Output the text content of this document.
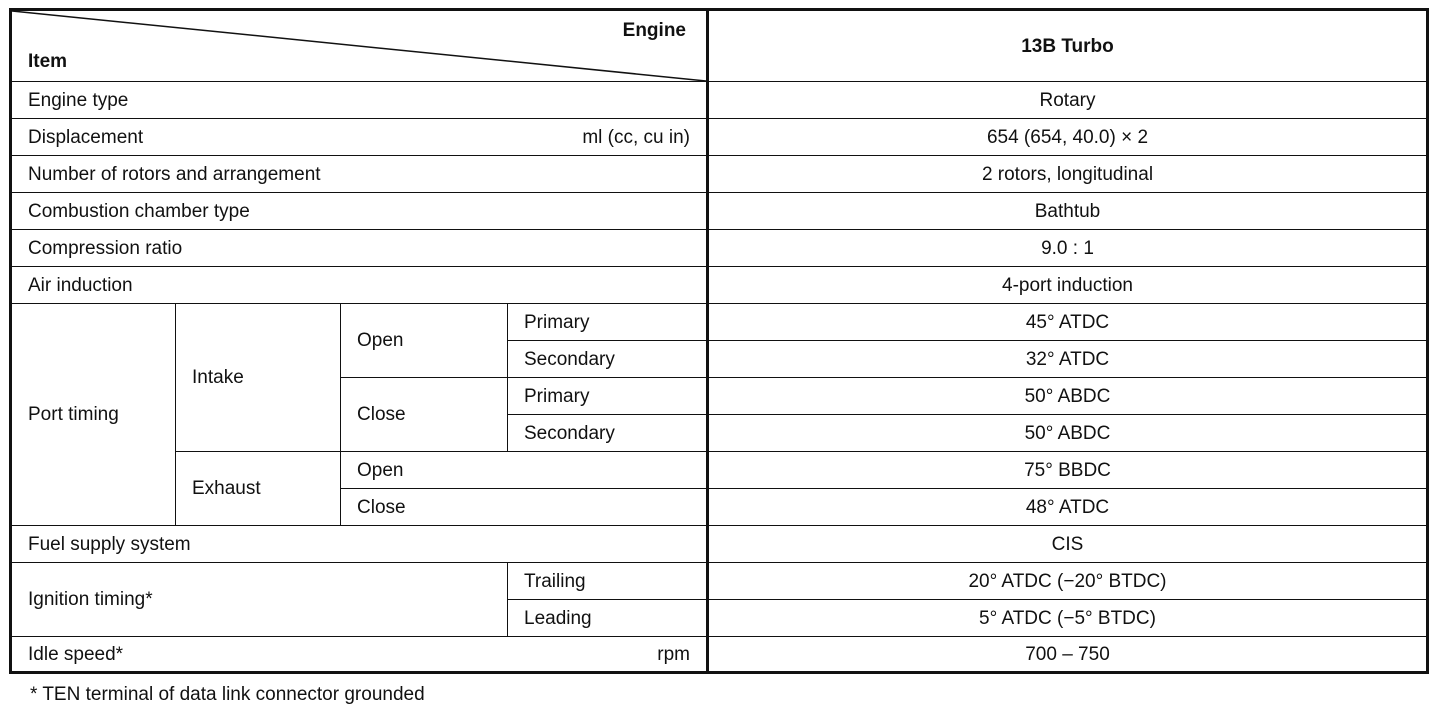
Engine
Item				13B Turbo
Engine type				Rotary

Displacement ml (cc, cu in)				654 (654, 40.0) × 2
Number of rotors and arrangement				2 rotors, longitudinal
Combustion chamber type				Bathtub
Compression ratio				9.0 : 1
Air induction				4-port induction
Port timing	Intake	Open	Primary	45° ATDC
			Secondary	32° ATDC
		Close	Primary	50° ABDC
			Secondary	50° ABDC
	Exhaust	Open		75° BBDC
		Close		48° ATDC
Fuel supply system				CIS
Ignition timing*			Trailing	20° ATDC (−20° BTDC)
			Leading	5° ATDC (−5° BTDC)

Idle speed* rpm				700 – 750
* TEN terminal of data link connector grounded
